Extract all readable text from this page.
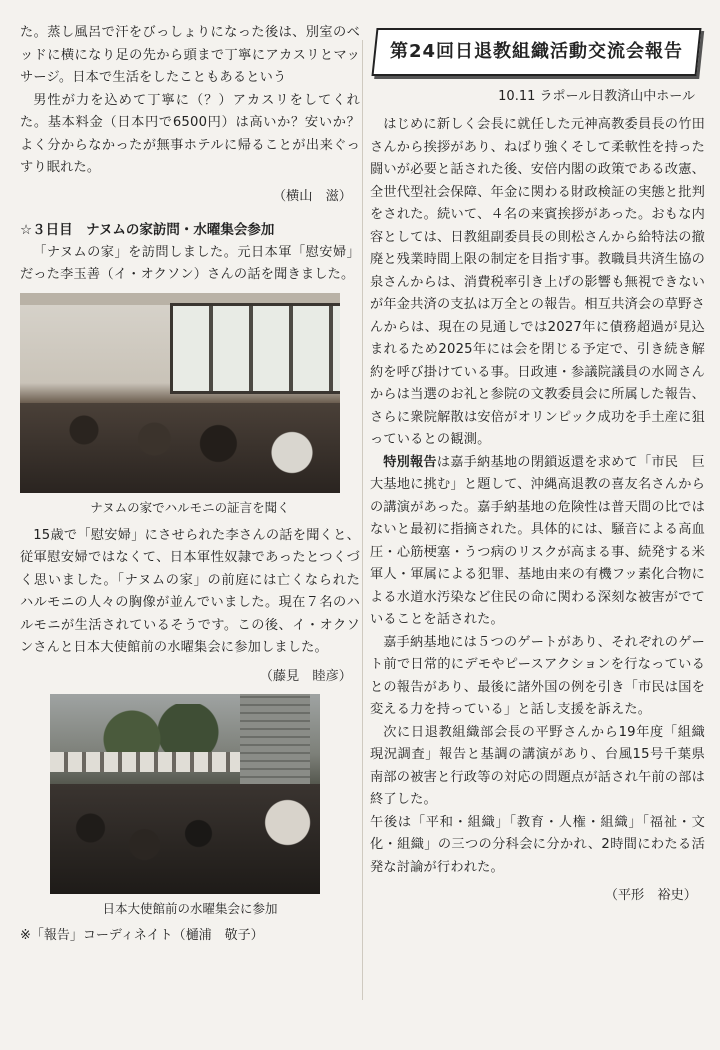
た。蒸し風呂で汗をびっしょりになった後は、別室のベッドに横になり足の先から頭まで丁寧にアカスリとマッサージ。日本で生活をしたこともあるという

男性が力を込めて丁寧に（？）アカスリをしてくれた。基本料金（日本円で6500円）は高いか？安いか？よく分からなかったが無事ホテルに帰ることが出来ぐっすり眠れた。

（横山　滋）
☆３日目　ナヌムの家訪問・水曜集会参加

「ナヌムの家」を訪問しました。元日本軍「慰安婦」だった李玉善（イ・オクソン）さんの話を聞きました。

ナヌムの家でハルモニの証言を聞く

15歳で「慰安婦」にさせられた李さんの話を聞くと、従軍慰安婦ではなくて、日本軍性奴隷であったとつくづく思いました。「ナヌムの家」の前庭には亡くなられたハルモニの人々の胸像が並んでいました。現在７名のハルモニが生活されているそうです。この後、イ・オクソンさんと日本大使館前の水曜集会に参加しました。

（藤見　睦彦）
日本大使館前の水曜集会に参加
※「報告」コーディネイト（樋浦　敬子）
第24回日退教組織活動交流会報告
10.11 ラポール日教済山中ホール

はじめに新しく会長に就任した元神高教委員長の竹田さんから挨拶があり、ねばり強くそして柔軟性を持った闘いが必要と話された後、安倍内閣の政策である改憲、全世代型社会保障、年金に関わる財政検証の実態と批判をされた。続いて、４名の来賓挨拶があった。おもな内容としては、日教組副委員長の則松さんから給特法の撤廃と残業時間上限の制定を目指す事。教職員共済生協の泉さんからは、消費税率引き上げの影響も無視できないが年金共済の支払は万全との報告。相互共済会の草野さんからは、現在の見通しでは2027年に債務超過が見込まれるため2025年には会を閉じる予定で、引き続き解約を呼び掛けている事。日政連・参議院議員の水岡さんからは当選のお礼と参院の文教委員会に所属した報告、さらに衆院解散は安倍がオリンピック成功を手土産に狙っているとの観測。

特別報告は嘉手納基地の閉鎖返還を求めて「市民　巨大基地に挑む」と題して、沖縄高退教の喜友名さんからの講演があった。嘉手納基地の危険性は普天間の比ではないと最初に指摘された。具体的には、騒音による高血圧・心筋梗塞・うつ病のリスクが高まる事、続発する米軍人・軍属による犯罪、基地由来の有機フッ素化合物による水道水汚染など住民の命に関わる深刻な被害がでていることを話された。

嘉手納基地には５つのゲートがあり、それぞれのゲート前で日常的にデモやピースアクションを行なっているとの報告があり、最後に諸外国の例を引き「市民は国を変える力を持っている」と話し支援を訴えた。

次に日退教組織部会長の平野さんから19年度「組織現況調査」報告と基調の講演があり、台風15号千葉県南部の被害と行政等の対応の問題点が話され午前の部は終了した。

午後は「平和・組織」「教育・人権・組織」「福祉・文化・組織」の三つの分科会に分かれ、2時間にわたる活発な討論が行われた。

（平形　裕史）
